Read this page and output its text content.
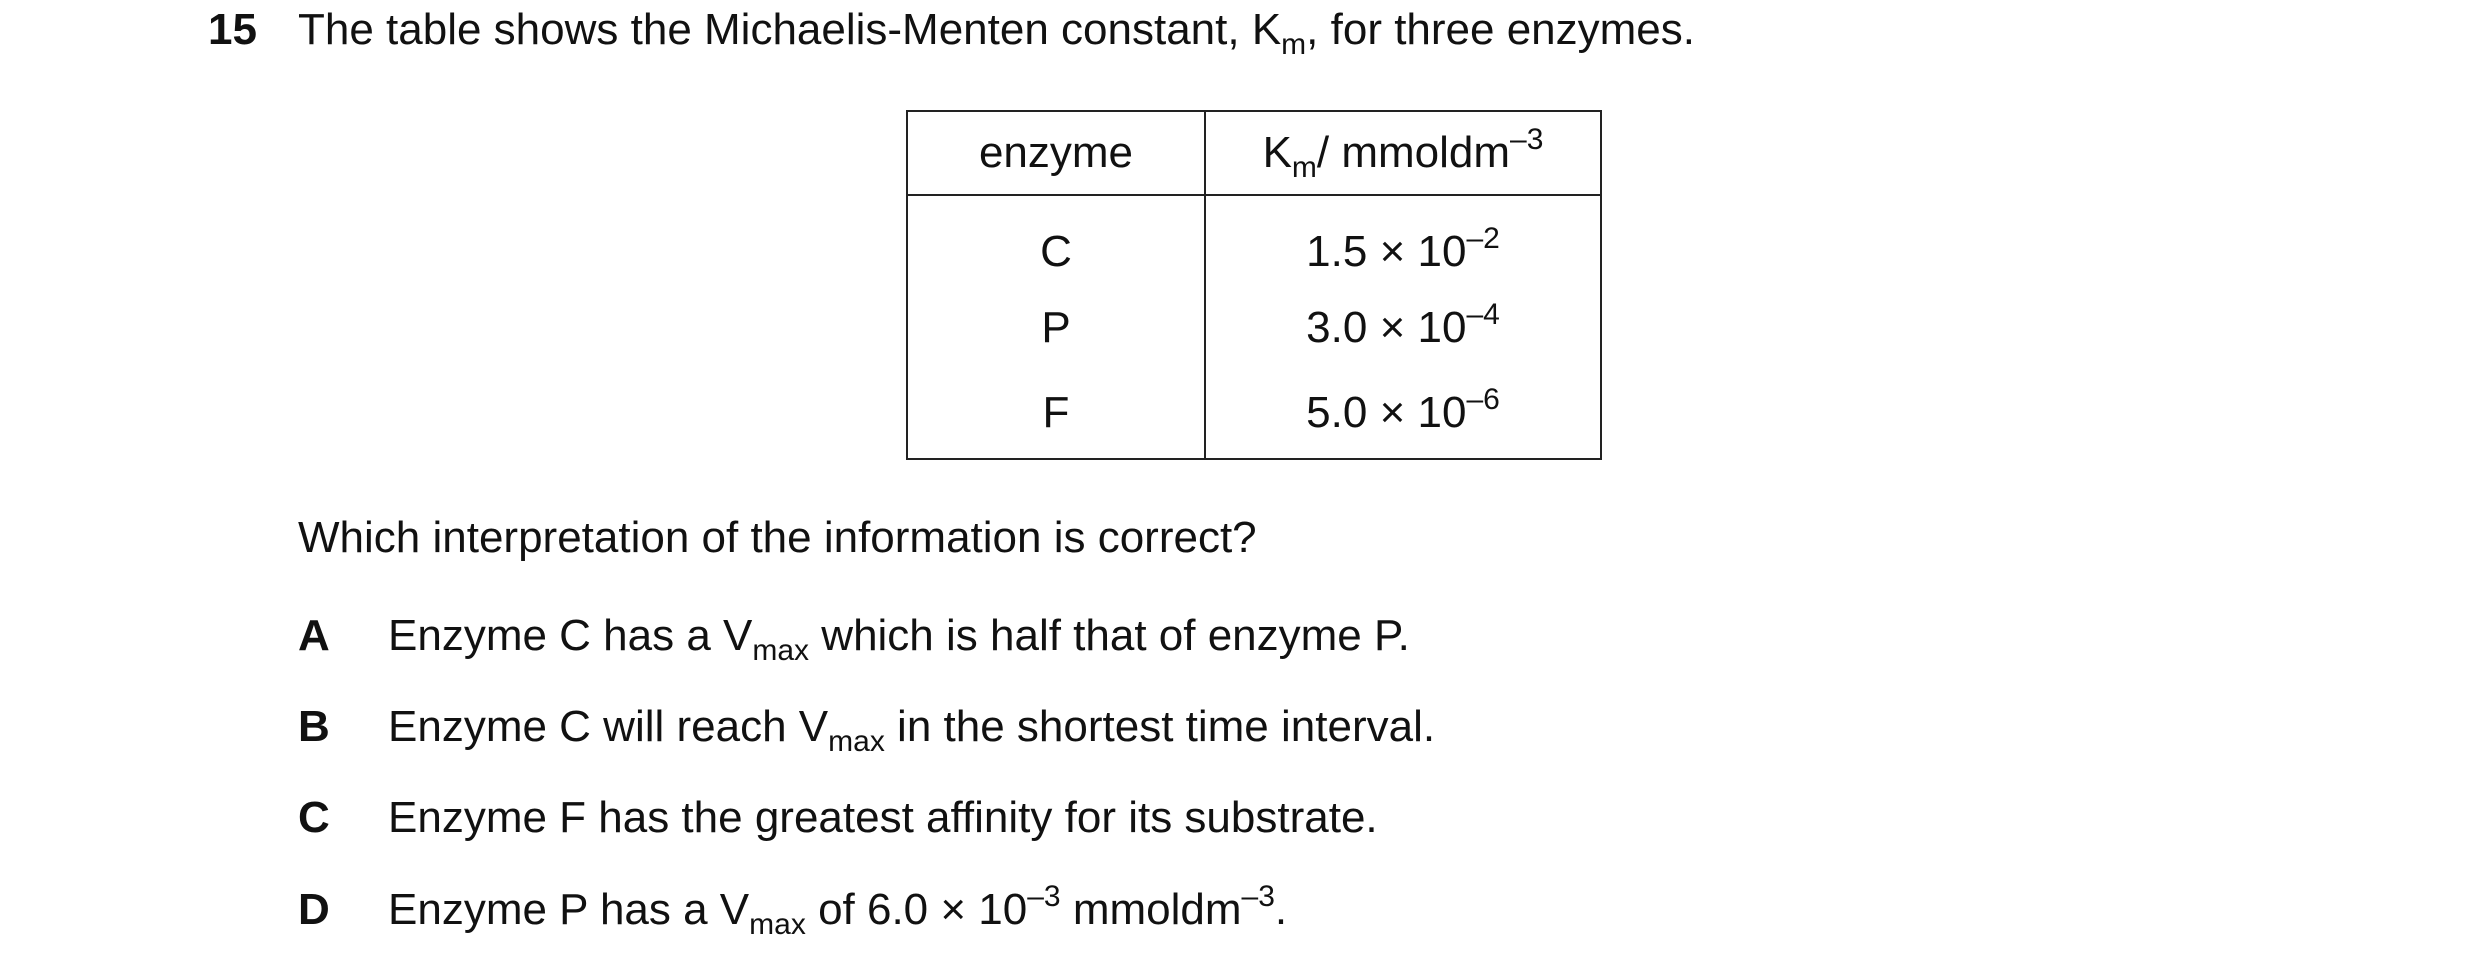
15 The table shows the Michaelis-Menten constant, $K_m$, for three enzymes.
enzyme	$K_m/$ mmoldm$^{-3}$
C	$1.5 \times 10^{-2}$
P	$3.0 \times 10^{-4}$
F	$5.0 \times 10^{-6}$
Which interpretation of the information is correct?
A Enzyme C has a $V_{max}$ which is half that of enzyme P.
B Enzyme C will reach $V_{max}$ in the shortest time interval.
C Enzyme F has the greatest affinity for its substrate.
D Enzyme P has a $V_{max}$ of $6.0 \times 10^{-3}$ mmoldm$^{-3}$.
